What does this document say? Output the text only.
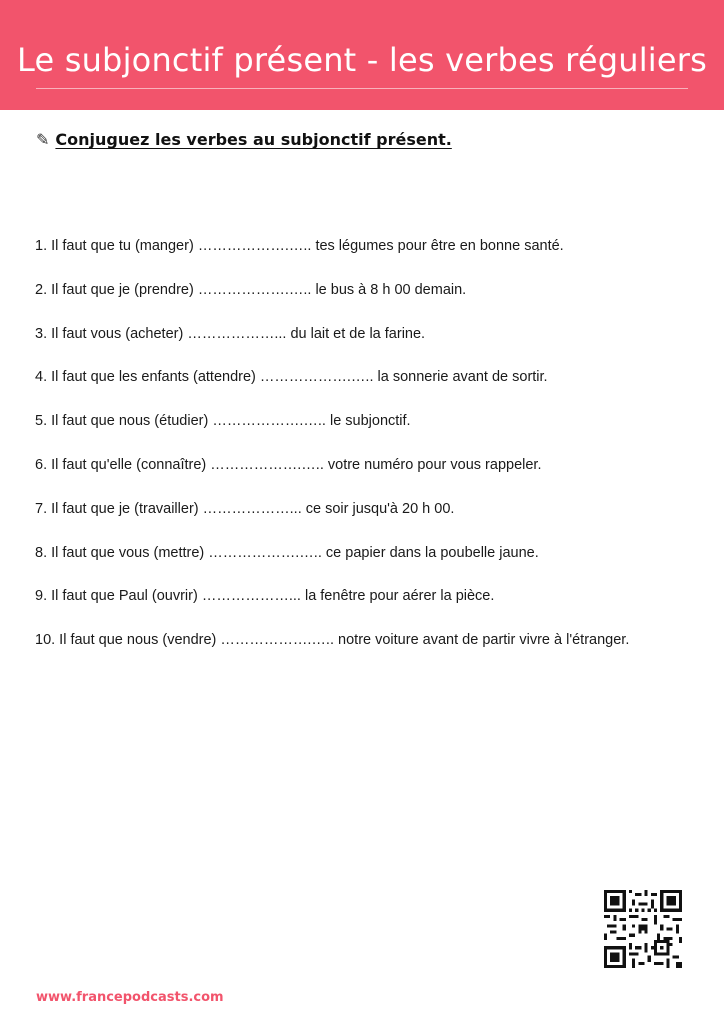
Le subjonctif présent - les verbes réguliers
✎ Conjuguez les verbes au subjonctif présent.
1. Il faut que tu (manger) ……………….….. tes légumes pour être en bonne santé.
2. Il faut que je (prendre) ……………….….. le bus à 8 h 00 demain.
3. Il faut vous (acheter) ………………... du lait et de la farine.
4. Il faut que les enfants (attendre) ……………….….. la sonnerie avant de sortir.
5. Il faut que nous (étudier) ……………….….. le subjonctif.
6. Il faut qu'elle (connaître) ……………….….. votre numéro pour vous rappeler.
7. Il faut que je (travailler) ………………... ce soir jusqu'à 20 h 00.
8. Il faut que vous (mettre) ……………….….. ce papier dans la poubelle jaune.
9. Il faut que Paul (ouvrir) ………………... la fenêtre pour aérer la pièce.
10. Il faut que nous (vendre) ……………….….. notre voiture avant de partir vivre à l'étranger.
www.francepodcasts.com
